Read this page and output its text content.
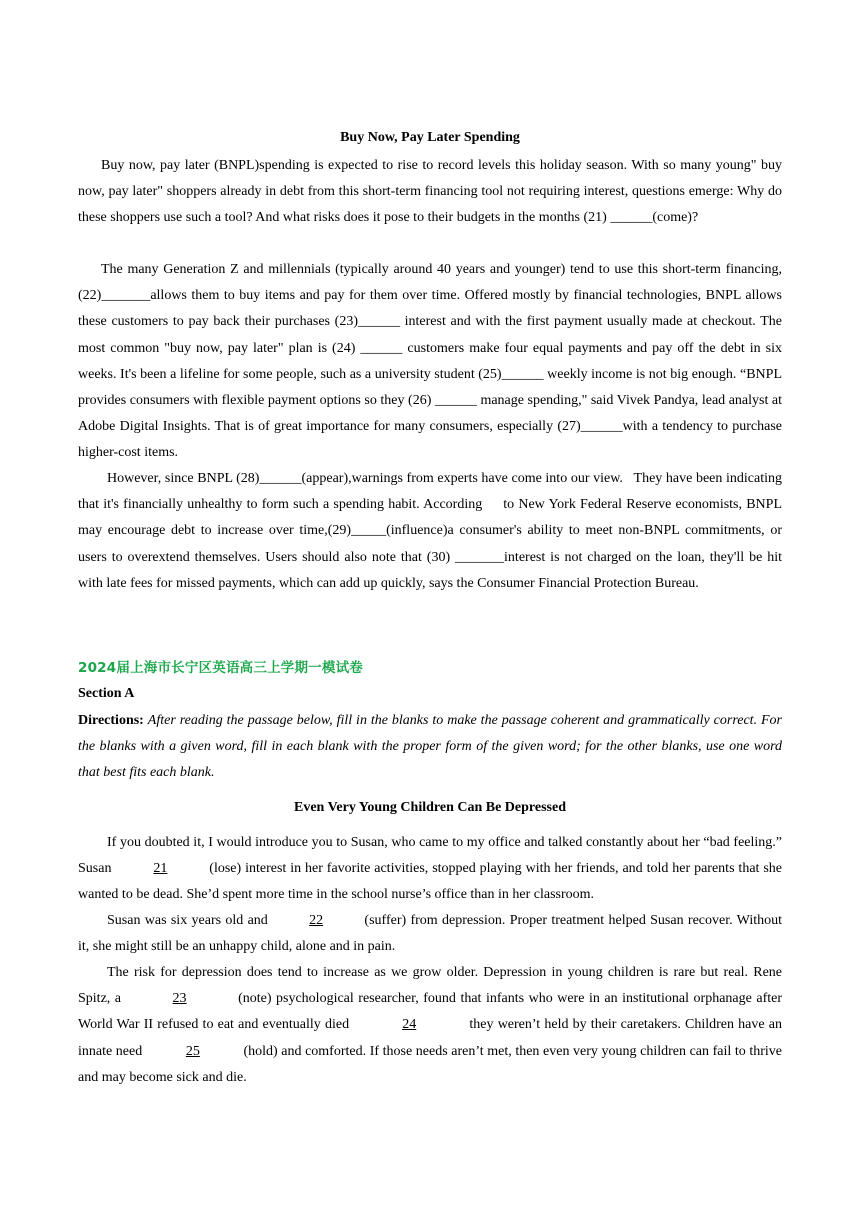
Buy Now, Pay Later Spending

Buy now, pay later (BNPL)spending is expected to rise to record levels this holiday season. With so many young" buy now, pay later" shoppers already in debt from this short-term financing tool not requiring interest, questions emerge: Why do these shoppers use such a tool? And what risks does it pose to their budgets in the months (21) ______(come)?

The many Generation Z and millennials (typically around 40 years and younger) tend to use this short-term financing, (22)_______allows them to buy items and pay for them over time. Offered mostly by financial technologies, BNPL allows these customers to pay back their purchases (23)______ interest and with the first payment usually made at checkout. The most common "buy now, pay later" plan is (24) ______ customers make four equal payments and pay off the debt in six weeks. It's been a lifeline for some people, such as a university student (25)______ weekly income is not big enough. “BNPL provides consumers with flexible payment options so they (26) ______ manage spending," said Vivek Pandya, lead analyst at Adobe Digital Insights. That is of great importance for many consumers, especially (27)______with a tendency to purchase higher-cost items.

However, since BNPL (28)______(appear),warnings from experts have come into our view.   They have been indicating that it's financially unhealthy to form such a spending habit. According     to New York Federal Reserve economists, BNPL may encourage debt to increase over time,(29)_____(influence)a consumer's ability to meet non-BNPL commitments, or users to overextend themselves. Users should also note that (30) _______interest is not charged on the loan, they'll be hit with late fees for missed payments, which can add up quickly, says the Consumer Financial Protection Bureau.

2024届上海市长宁区英语高三上学期一模试卷
Section A

Directions: After reading the passage below, fill in the blanks to make the passage coherent and grammatically correct. For the blanks with a given word, fill in each blank with the proper form of the given word; for the other blanks, use one word that best fits each blank.

Even Very Young Children Can Be Depressed

If you doubted it, I would introduce you to Susan, who came to my office and talked constantly about her “bad feeling.” Susan	21	(lose) interest in her favorite activities, stopped playing with her friends, and told her parents that she wanted to be dead. She’d spent more time in the school nurse’s office than in her classroom.

Susan was six years old and	22	(suffer) from depression. Proper treatment helped Susan recover. Without it, she might still be an unhappy child, alone and in pain.

The risk for depression does tend to increase as we grow older. Depression in young children is rare but real. Rene Spitz, a	23	(note) psychological researcher, found that infants who were in an institutional orphanage after World War II refused to eat and eventually died	24	they weren’t held by their caretakers. Children have an innate need	25	(hold) and comforted. If those needs aren’t met, then even very young children can fail to thrive and may become sick and die.
